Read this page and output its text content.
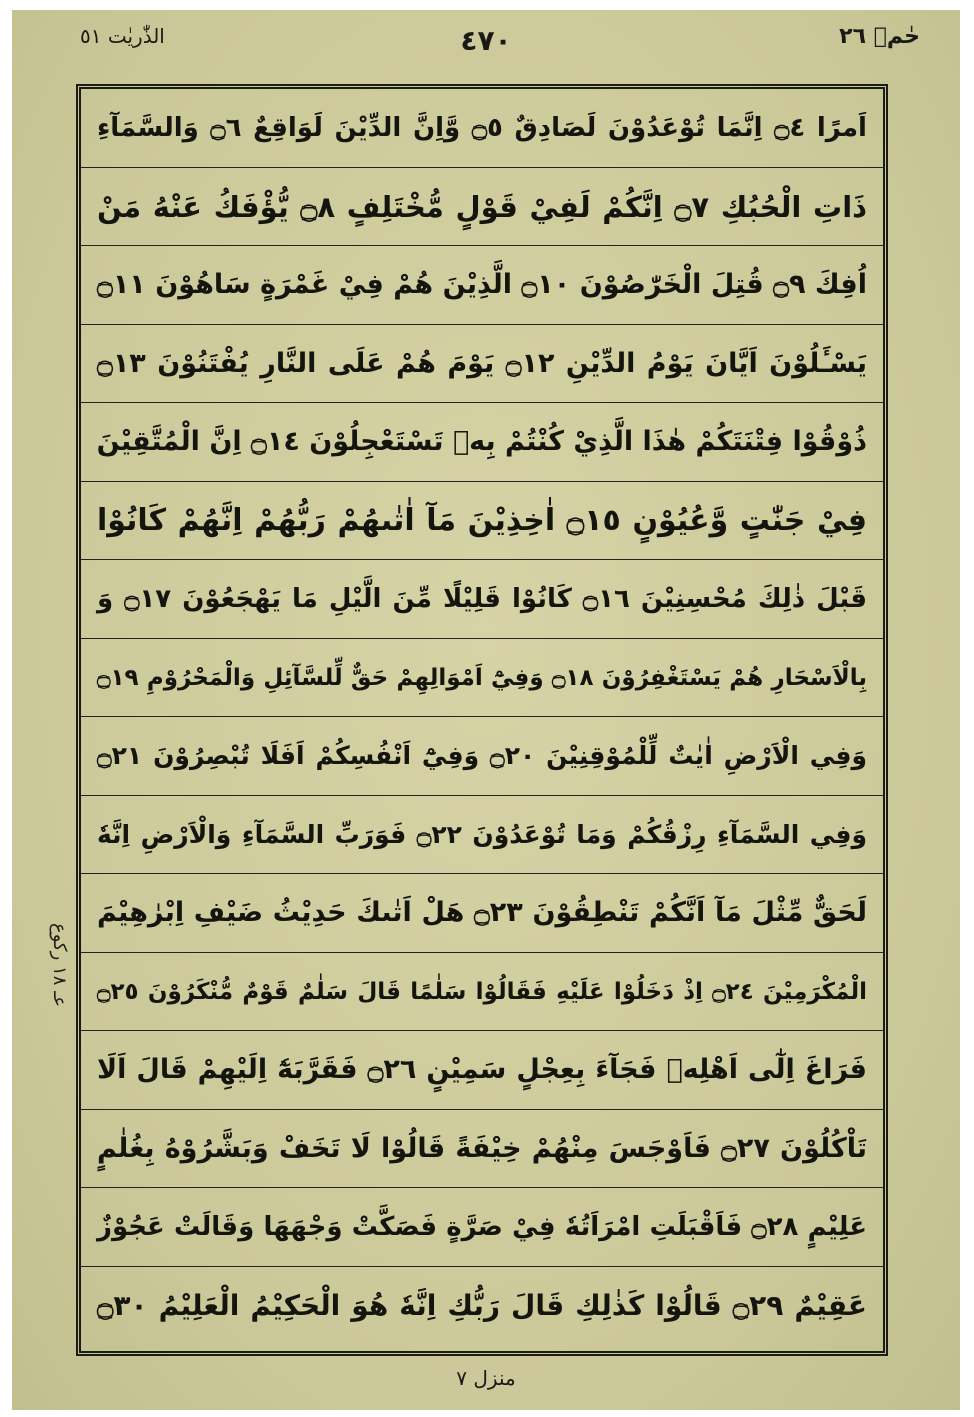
حٰمۗ ٢٦
٤٧٠
الذّٰريٰت ٥١
عـ ١٨ رکوع
اَمرًا ۝٤ اِنَّمَا تُوْعَدُوْنَ لَصَادِقٌ ۝٥ وَّاِنَّ الدِّيْنَ لَوَاقِعٌ ۝٦ وَالسَّمَآءِ
ذَاتِ الْحُبُكِ ۝٧ اِنَّكُمْ لَفِيْ قَوْلٍ مُّخْتَلِفٍ ۝٨ يُّؤْفَكُ عَنْهُ مَنْ
اُفِكَ ۝٩ قُتِلَ الْخَرّٰصُوْنَ ۝١٠ الَّذِيْنَ هُمْ فِيْ غَمْرَةٍ سَاهُوْنَ ۝١١
يَسْـَٔلُوْنَ اَيَّانَ يَوْمُ الدِّيْنِ ۝١٢ يَوْمَ هُمْ عَلَى النَّارِ يُفْتَنُوْنَ ۝١٣
ذُوْقُوْا فِتْنَتَكُمْ هٰذَا الَّذِيْ كُنْتُمْ بِهٖ تَسْتَعْجِلُوْنَ ۝١٤ اِنَّ الْمُتَّقِيْنَ
فِيْ جَنّٰتٍ وَّعُيُوْنٍ ۝١٥ اٰخِذِيْنَ مَآ اٰتٰىهُمْ رَبُّهُمْ اِنَّهُمْ كَانُوْا
قَبْلَ ذٰلِكَ مُحْسِنِيْنَ ۝١٦ كَانُوْا قَلِيْلًا مِّنَ الَّيْلِ مَا يَهْجَعُوْنَ ۝١٧ وَ
بِالْاَسْحَارِ هُمْ يَسْتَغْفِرُوْنَ ۝١٨ وَفِيْٓ اَمْوَالِهِمْ حَقٌّ لِّلسَّآئِلِ وَالْمَحْرُوْمِ ۝١٩
وَفِي الْاَرْضِ اٰيٰتٌ لِّلْمُوْقِنِيْنَ ۝٢٠ وَفِيْٓ اَنْفُسِكُمْ اَفَلَا تُبْصِرُوْنَ ۝٢١
وَفِي السَّمَآءِ رِزْقُكُمْ وَمَا تُوْعَدُوْنَ ۝٢٢ فَوَرَبِّ السَّمَآءِ وَالْاَرْضِ اِنَّهٗ
لَحَقٌّ مِّثْلَ مَآ اَنَّكُمْ تَنْطِقُوْنَ ۝٢٣ هَلْ اَتٰىكَ حَدِيْثُ ضَيْفِ اِبْرٰهِيْمَ
الْمُكْرَمِيْنَ ۝٢٤ اِذْ دَخَلُوْا عَلَيْهِ فَقَالُوْا سَلٰمًا قَالَ سَلٰمٌ قَوْمٌ مُّنْكَرُوْنَ ۝٢٥
فَرَاغَ اِلٰٓى اَهْلِهٖ فَجَآءَ بِعِجْلٍ سَمِيْنٍ ۝٢٦ فَقَرَّبَهٗٓ اِلَيْهِمْ قَالَ اَلَا
تَاْكُلُوْنَ ۝٢٧ فَاَوْجَسَ مِنْهُمْ خِيْفَةً قَالُوْا لَا تَخَفْ وَبَشَّرُوْهُ بِغُلٰمٍ
عَلِيْمٍ ۝٢٨ فَاَقْبَلَتِ امْرَاَتُهٗ فِيْ صَرَّةٍ فَصَكَّتْ وَجْهَهَا وَقَالَتْ عَجُوْزٌ
عَقِيْمٌ ۝٢٩ قَالُوْا كَذٰلِكِ قَالَ رَبُّكِ اِنَّهٗ هُوَ الْحَكِيْمُ الْعَلِيْمُ ۝٣٠
منزل ٧
